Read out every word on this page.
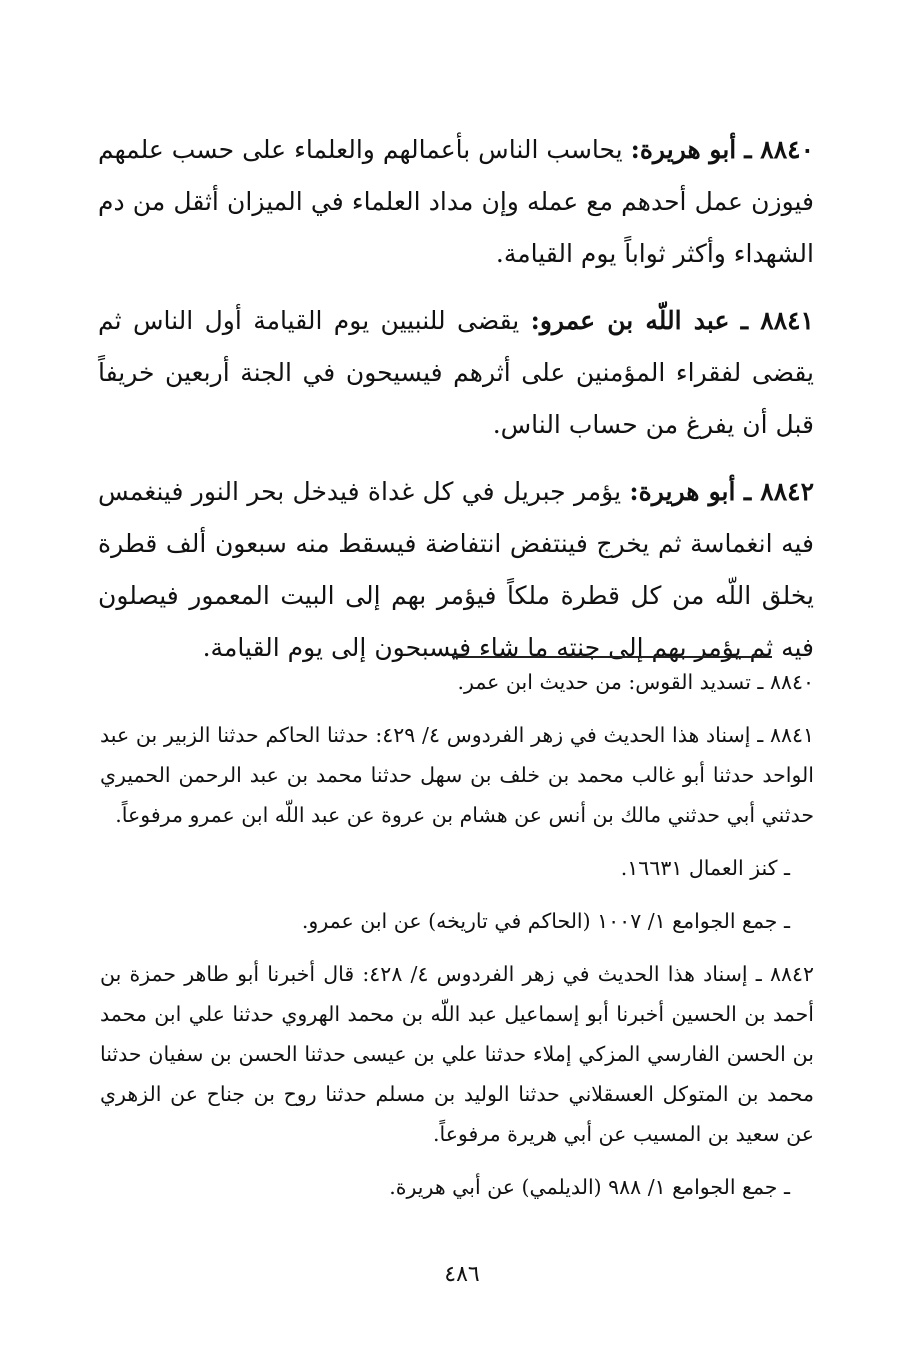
٨٨٤٠ ـ أبو هريرة: يحاسب الناس بأعمالهم والعلماء على حسب علمهم فيوزن عمل أحدهم مع عمله وإن مداد العلماء في الميزان أثقل من دم الشهداء وأكثر ثواباً يوم القيامة.

٨٨٤١ ـ عبد اللّه بن عمرو: يقضى للنبيين يوم القيامة أول الناس ثم يقضى لفقراء المؤمنين على أثرهم فيسيحون في الجنة أربعين خريفاً قبل أن يفرغ من حساب الناس.

٨٨٤٢ ـ أبو هريرة: يؤمر جبريل في كل غداة فيدخل بحر النور فينغمس فيه انغماسة ثم يخرج فينتفض انتفاضة فيسقط منه سبعون ألف قطرة يخلق اللّه من كل قطرة ملكاً فيؤمر بهم إلى البيت المعمور فيصلون فيه ثم يؤمر بهم إلى جنته ما شاء فيسبحون إلى يوم القيامة.

٨٨٤٠ ـ تسديد القوس: من حديث ابن عمر.

٨٨٤١ ـ إسناد هذا الحديث في زهر الفردوس ٤/ ٤٢٩: حدثنا الحاكم حدثنا الزبير بن عبد الواحد حدثنا أبو غالب محمد بن خلف بن سهل حدثنا محمد بن عبد الرحمن الحميري حدثني أبي حدثني مالك بن أنس عن هشام بن عروة عن عبد اللّه ابن عمرو مرفوعاً.

ـ كنز العمال ١٦٦٣١.

ـ جمع الجوامع ١/ ١٠٠٧ (الحاكم في تاريخه) عن ابن عمرو.

٨٨٤٢ ـ إسناد هذا الحديث في زهر الفردوس ٤/ ٤٢٨: قال أخبرنا أبو طاهر حمزة بن أحمد بن الحسين أخبرنا أبو إسماعيل عبد اللّه بن محمد الهروي حدثنا علي ابن محمد بن الحسن الفارسي المزكي إملاء حدثنا علي بن عيسى حدثنا الحسن بن سفيان حدثنا محمد بن المتوكل العسقلاني حدثنا الوليد بن مسلم حدثنا روح بن جناح عن الزهري عن سعيد بن المسيب عن أبي هريرة مرفوعاً.

ـ جمع الجوامع ١/ ٩٨٨ (الديلمي) عن أبي هريرة.

٤٨٦
